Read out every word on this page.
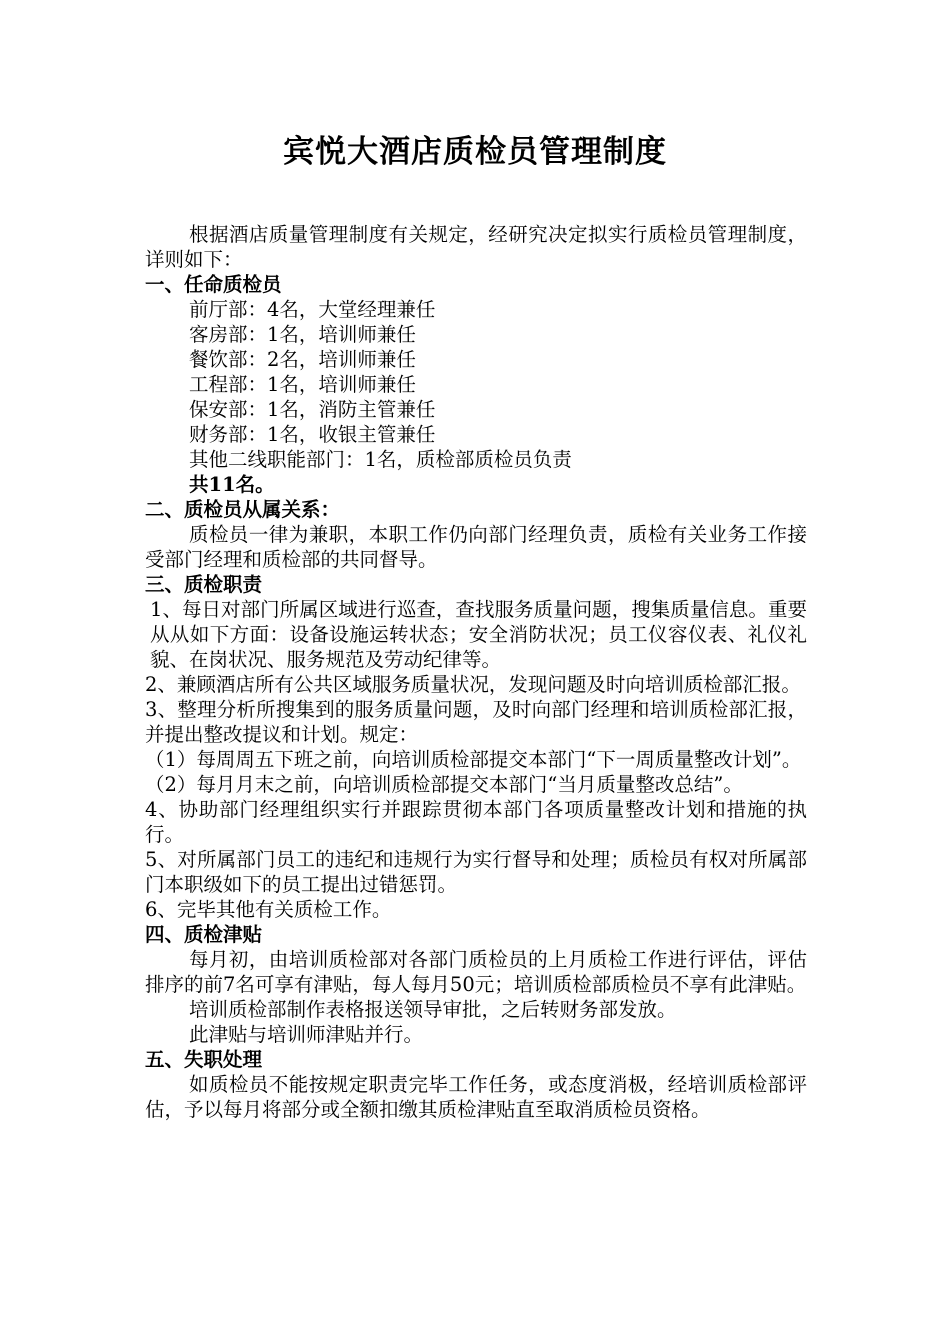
宾悦大酒店质检员管理制度

根据酒店质量管理制度有关规定，经研究决定拟实行质检员管理制度，详则如下：

一、任命质检员

前厅部：4名，大堂经理兼任

客房部：1名，培训师兼任

餐饮部：2名，培训师兼任

工程部：1名，培训师兼任

保安部：1名，消防主管兼任

财务部：1名，收银主管兼任

其他二线职能部门：1名，质检部质检员负责

共11名。

二、质检员从属关系：

质检员一律为兼职，本职工作仍向部门经理负责，质检有关业务工作接受部门经理和质检部的共同督导。

三、质检职责

1、每日对部门所属区域进行巡查，查找服务质量问题，搜集质量信息。重要从从如下方面：设备设施运转状态；安全消防状况；员工仪容仪表、礼仪礼貌、在岗状况、服务规范及劳动纪律等。

2、兼顾酒店所有公共区域服务质量状况，发现问题及时向培训质检部汇报。

3、整理分析所搜集到的服务质量问题，及时向部门经理和培训质检部汇报，并提出整改提议和计划。规定：

（1）每周周五下班之前，向培训质检部提交本部门“下一周质量整改计划”。

（2）每月月末之前，向培训质检部提交本部门“当月质量整改总结”。

4、协助部门经理组织实行并跟踪贯彻本部门各项质量整改计划和措施的执行。

5、对所属部门员工的违纪和违规行为实行督导和处理；质检员有权对所属部门本职级如下的员工提出过错惩罚。

6、完毕其他有关质检工作。

四、质检津贴

每月初，由培训质检部对各部门质检员的上月质检工作进行评估，评估排序的前7名可享有津贴，每人每月50元；培训质检部质检员不享有此津贴。

培训质检部制作表格报送领导审批，之后转财务部发放。

此津贴与培训师津贴并行。

五、失职处理

如质检员不能按规定职责完毕工作任务，或态度消极，经培训质检部评估，予以每月将部分或全额扣缴其质检津贴直至取消质检员资格。
